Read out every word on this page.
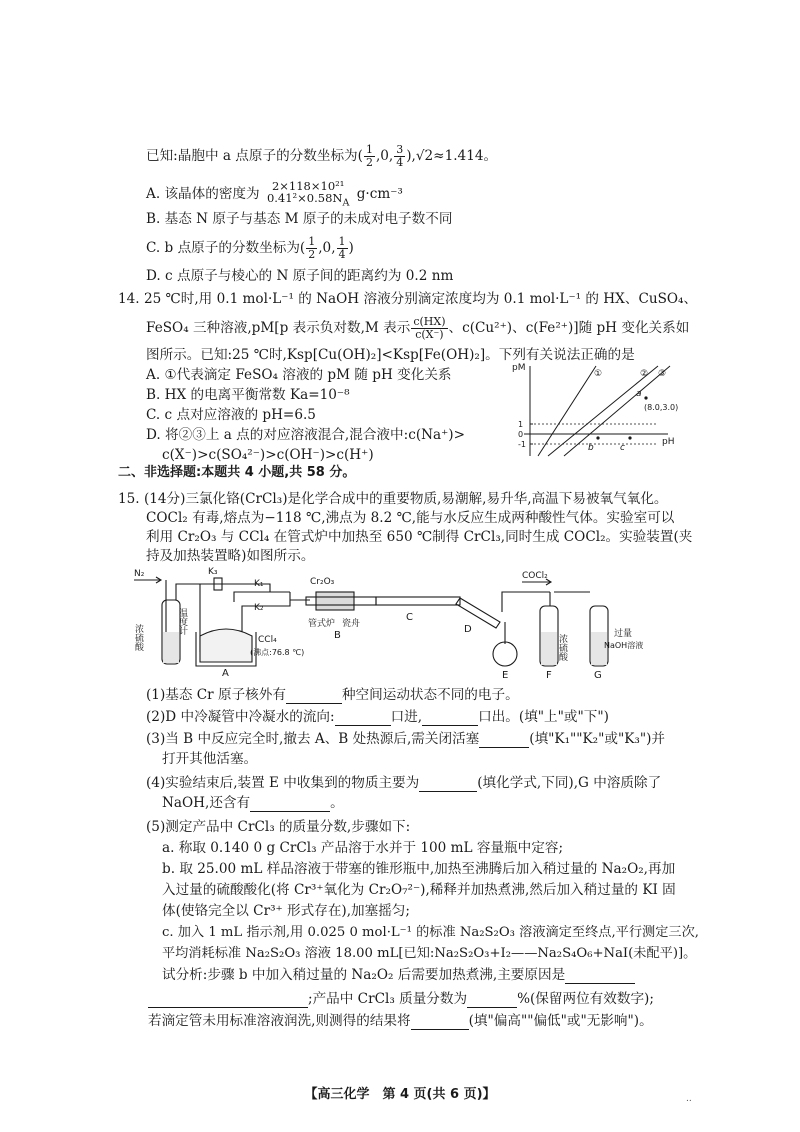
已知:晶胞中 a 点原子的分数坐标为( $\frac{1}{2} ,0$, $\frac{3}{4} ),√2\approx 1.414$。
A. 该晶体的密度为
2×118×10²¹
$0.41^2\times 0.58N_A$
g·cm⁻³
B. 基态 N 原子与基态 M 原子的未成对电子数不同
C. b 点原子的分数坐标为( $\frac{1}{2} ,0$, $\frac{1}{4}$ )
D. c 点原子与棱心的 N 原子间的距离约为 0.2 nm
14. 25 ℃时,用 0.1 mol·L⁻¹ 的 NaOH 溶液分别滴定浓度均为 0.1 mol·L⁻¹ 的 HX、CuSO₄、
FeSO₄ 三种溶液,pM[p 表示负对数,M 表示 $\frac{c(HX)}{c(X^-)}$ 、c(Cu²⁺)、c(Fe²⁺)]随 pH 变化关系如
图所示。已知:25 ℃时,Ksp[Cu(OH)₂]<Ksp[Fe(OH)₂]。下列有关说法正确的是
A. ①代表滴定 FeSO₄ 溶液的 pM 随 pH 变化关系
B. HX 的电离平衡常数 Ka=10⁻⁸
C. c 点对应溶液的 pH=6.5
D. 将②③上 a 点的对应溶液混合,混合液中:c(Na⁺)>
c(X⁻)>c(SO₄²⁻)>c(OH⁻)>c(H⁺)
pM
pH
1
0
-1
①	② ③
a
(8.0,3.0)
b	c
二、非选择题:本题共 4 小题,共 58 分。
15. (14分)三氯化铬(CrCl₃)是化学合成中的重要物质,易潮解,易升华,高温下易被氧气氧化。
COCl₂ 有毒,熔点为−118 ℃,沸点为 8.2 ℃,能与水反应生成两种酸性气体。实验室可以
利用 Cr₂O₃ 与 CCl₄ 在管式炉中加热至 650 ℃制得 CrCl₃,同时生成 COCl₂。实验装置(夹
持及加热装置略)如图所示。
N₂
浓硫酸
K₃
温度计
A
CCl₄
(沸点:76.8 ℃)
K₁
K₂
Cr₂O₃
管式炉 瓷舟
B
C
D
E
COCl₂
浓硫酸
F
过量
NaOH溶液
G
(1)基态 Cr 原子核外有	种空间运动状态不同的电子。
(2)D 中冷凝管中冷凝水的流向:	口进,	口出。(填"上"或"下")
(3)当 B 中反应完全时,撤去 A、B 处热源后,需关闭活塞	(填"K₁""K₂"或"K₃")并
打开其他活塞。
(4)实验结束后,装置 E 中收集到的物质主要为	(填化学式,下同),G 中溶质除了
NaOH,还含有	。
(5)测定产品中 CrCl₃ 的质量分数,步骤如下:
a. 称取 0.140 0 g CrCl₃ 产品溶于水并于 100 mL 容量瓶中定容;
b. 取 25.00 mL 样品溶液于带塞的锥形瓶中,加热至沸腾后加入稍过量的 Na₂O₂,再加
入过量的硫酸酸化(将 Cr³⁺氧化为 Cr₂O₇²⁻),稀释并加热煮沸,然后加入稍过量的 KI 固
体(使铬完全以 Cr³⁺ 形式存在),加塞摇匀;
c. 加入 1 mL 指示剂,用 0.025 0 mol·L⁻¹ 的标准 Na₂S₂O₃ 溶液滴定至终点,平行测定三次,
平均消耗标准 Na₂S₂O₃ 溶液 18.00 mL[已知:Na₂S₂O₃+I₂——Na₂S₄O₆+NaI(未配平)]。
试分析:步骤 b 中加入稍过量的 Na₂O₂ 后需要加热煮沸,主要原因是
;产品中 CrCl₃ 质量分数为	%(保留两位有效数字);
若滴定管未用标准溶液润洗,则测得的结果将	(填"偏高""偏低"或"无影响")。
【高三化学　第 4 页(共 6 页)】	..
